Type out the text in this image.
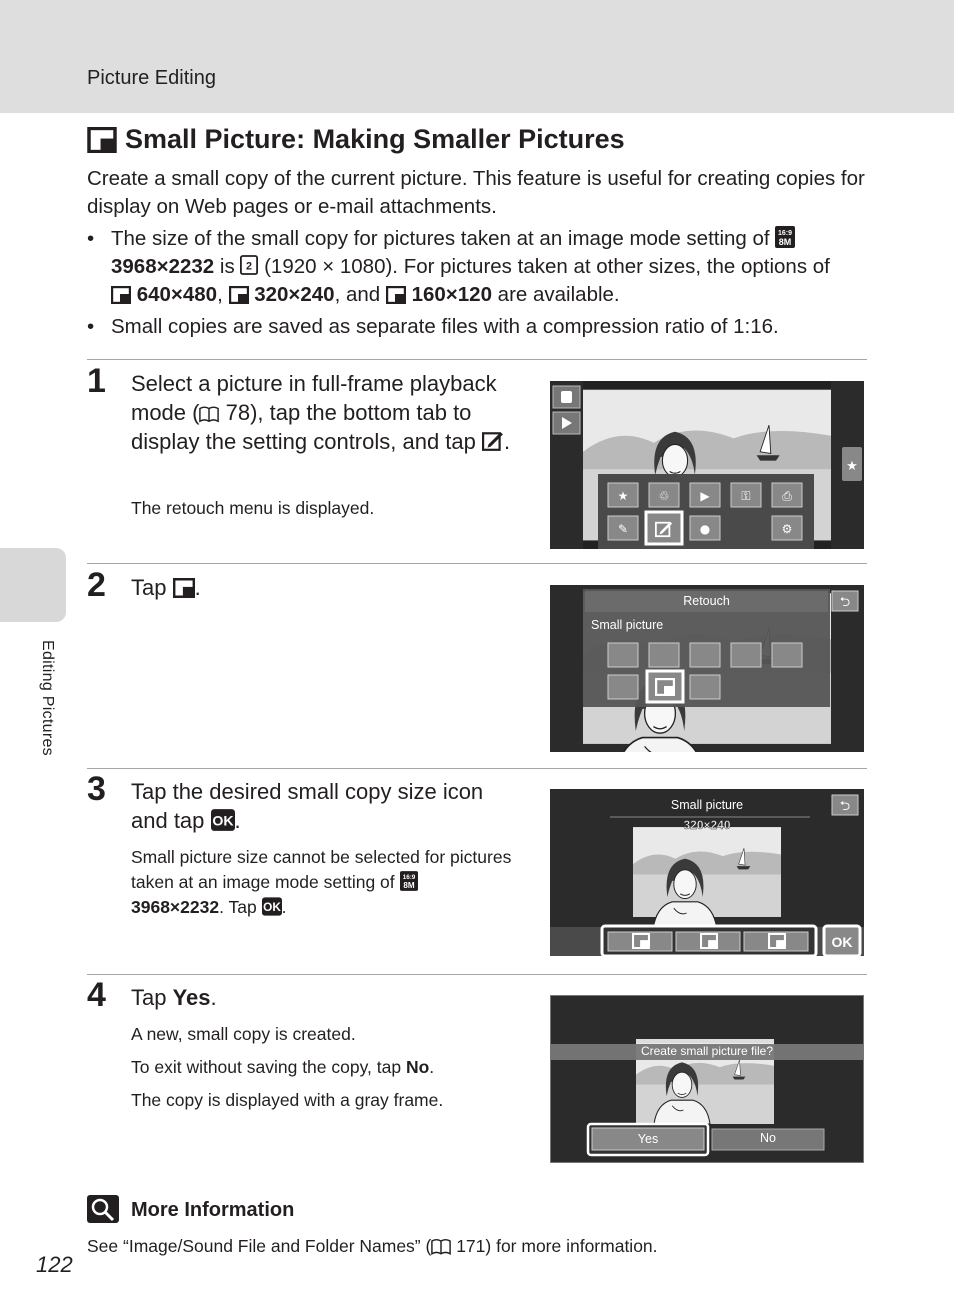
Picture Editing
Editing Pictures
Small Picture: Making Smaller Pictures

Create a small copy of the current picture. This feature is useful for creating copies for display on Web pages or e-mail attachments.

• The size of the small copy for pictures taken at an image mode setting of
3968×2232 is  (1920 × 1080). For pictures taken at other sizes, the options of
640×480,  320×240, and  160×120 are available.
• Small copies are saved as separate files with a compression ratio of 1:16.
1 Select a picture in full-frame playback mode ( 78), tap the bottom tab to display the setting controls, and tap .

The retouch menu is displayed.

★
★	♲	▶	⚿	⎙
✎	●	⚙
2 Tap .

⮌
Retouch
Small picture
3 Tap the desired small copy size icon and tap .

Small picture size cannot be selected for pictures taken at an image mode setting of
3968×2232. Tap .

⮌
OK
Small picture
320×240
4 Tap Yes.

A new, small copy is created.

To exit without saving the copy, tap No.

The copy is displayed with a gray frame.

Create small picture file?
Yes	No
More Information
See “Image/Sound File and Folder Names” ( 171) for more information.
122
